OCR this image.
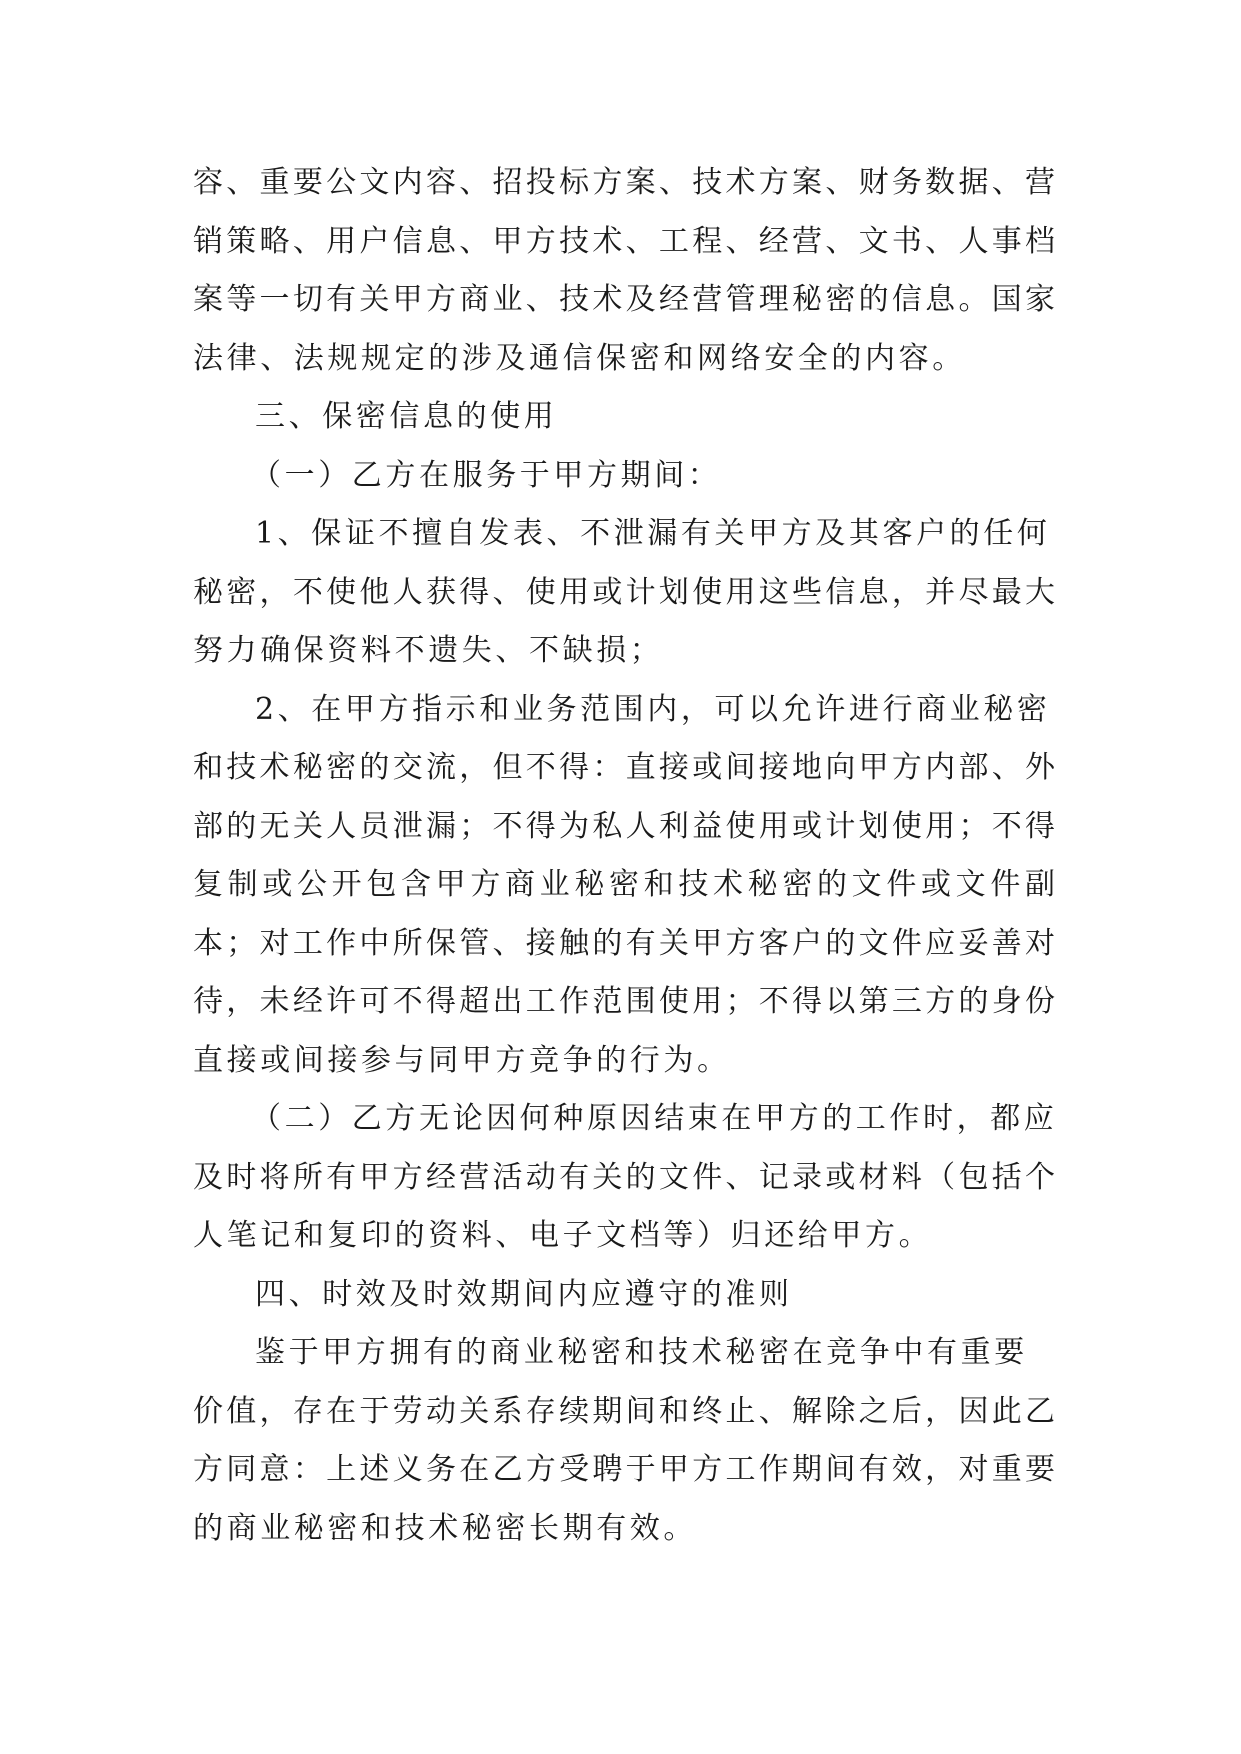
容、重要公文内容、招投标方案、技术方案、财务数据、营
销策略、用户信息、甲方技术、工程、经营、文书、人事档
案等一切有关甲方商业、技术及经营管理秘密的信息。国家
法律、法规规定的涉及通信保密和网络安全的内容。
三、保密信息的使用
（一）乙方在服务于甲方期间：
1、保证不擅自发表、不泄漏有关甲方及其客户的任何
秘密，不使他人获得、使用或计划使用这些信息，并尽最大
努力确保资料不遗失、不缺损；
2、在甲方指示和业务范围内，可以允许进行商业秘密
和技术秘密的交流，但不得：直接或间接地向甲方内部、外
部的无关人员泄漏；不得为私人利益使用或计划使用；不得
复制或公开包含甲方商业秘密和技术秘密的文件或文件副
本；对工作中所保管、接触的有关甲方客户的文件应妥善对
待，未经许可不得超出工作范围使用；不得以第三方的身份
直接或间接参与同甲方竞争的行为。
（二）乙方无论因何种原因结束在甲方的工作时，都应
及时将所有甲方经营活动有关的文件、记录或材料（包括个
人笔记和复印的资料、电子文档等）归还给甲方。
四、时效及时效期间内应遵守的准则
鉴于甲方拥有的商业秘密和技术秘密在竞争中有重要
价值，存在于劳动关系存续期间和终止、解除之后，因此乙
方同意：上述义务在乙方受聘于甲方工作期间有效，对重要
的商业秘密和技术秘密长期有效。
